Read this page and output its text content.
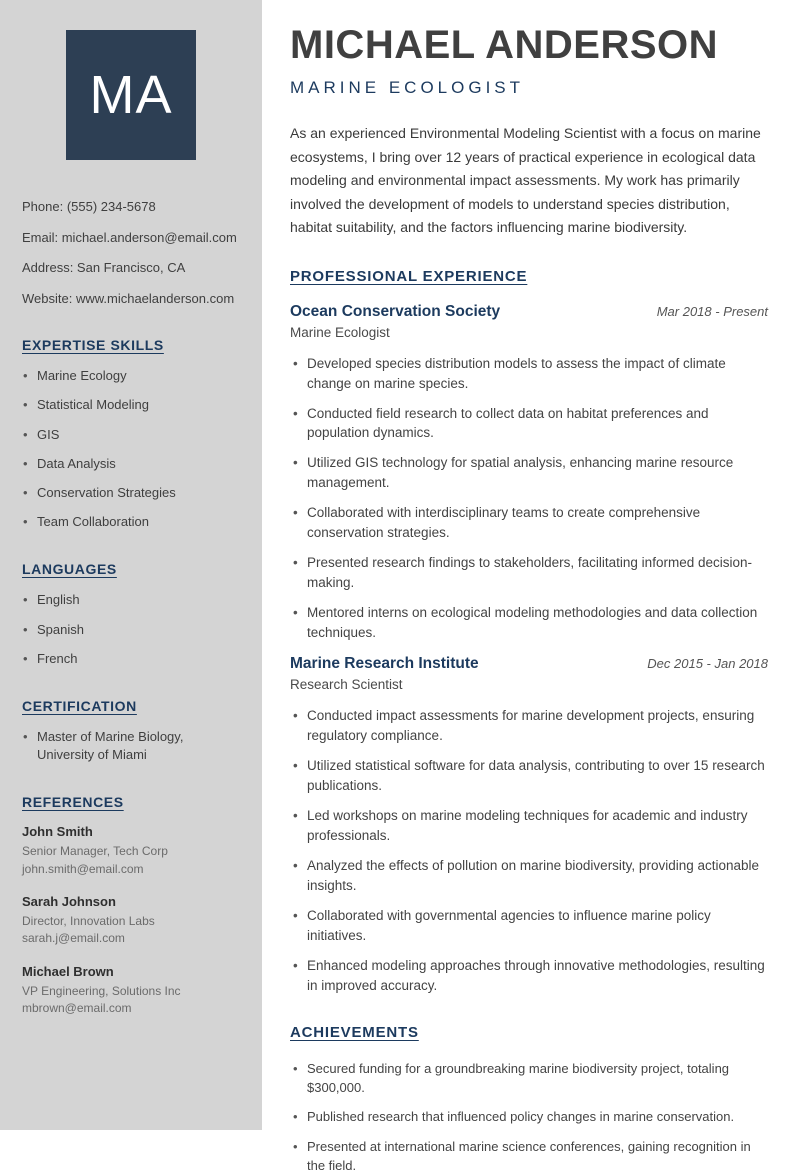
MA
Phone: (555) 234-5678
Email: michael.anderson@email.com
Address: San Francisco, CA
Website: www.michaelanderson.com
EXPERTISE SKILLS
• Marine Ecology
• Statistical Modeling
• GIS
• Data Analysis
• Conservation Strategies
• Team Collaboration
LANGUAGES
• English
• Spanish
• French
CERTIFICATION
• Master of Marine Biology, University of Miami
REFERENCES
John Smith
Senior Manager, Tech Corp
john.smith@email.com
Sarah Johnson
Director, Innovation Labs
sarah.j@email.com
Michael Brown
VP Engineering, Solutions Inc
mbrown@email.com
MICHAEL ANDERSON
MARINE ECOLOGIST

As an experienced Environmental Modeling Scientist with a focus on marine ecosystems, I bring over 12 years of practical experience in ecological data modeling and environmental impact assessments. My work has primarily involved the development of models to understand species distribution, habitat suitability, and the factors influencing marine biodiversity.

PROFESSIONAL EXPERIENCE
Ocean Conservation Society	Mar 2018 - Present
Marine Ecologist
• Developed species distribution models to assess the impact of climate change on marine species.
• Conducted field research to collect data on habitat preferences and population dynamics.
• Utilized GIS technology for spatial analysis, enhancing marine resource management.
• Collaborated with interdisciplinary teams to create comprehensive conservation strategies.
• Presented research findings to stakeholders, facilitating informed decision-making.
• Mentored interns on ecological modeling methodologies and data collection techniques.
Marine Research Institute	Dec 2015 - Jan 2018
Research Scientist
• Conducted impact assessments for marine development projects, ensuring regulatory compliance.
• Utilized statistical software for data analysis, contributing to over 15 research publications.
• Led workshops on marine modeling techniques for academic and industry professionals.
• Analyzed the effects of pollution on marine biodiversity, providing actionable insights.
• Collaborated with governmental agencies to influence marine policy initiatives.
• Enhanced modeling approaches through innovative methodologies, resulting in improved accuracy.
ACHIEVEMENTS
• Secured funding for a groundbreaking marine biodiversity project, totaling $300,000.
• Published research that influenced policy changes in marine conservation.
• Presented at international marine science conferences, gaining recognition in the field.
